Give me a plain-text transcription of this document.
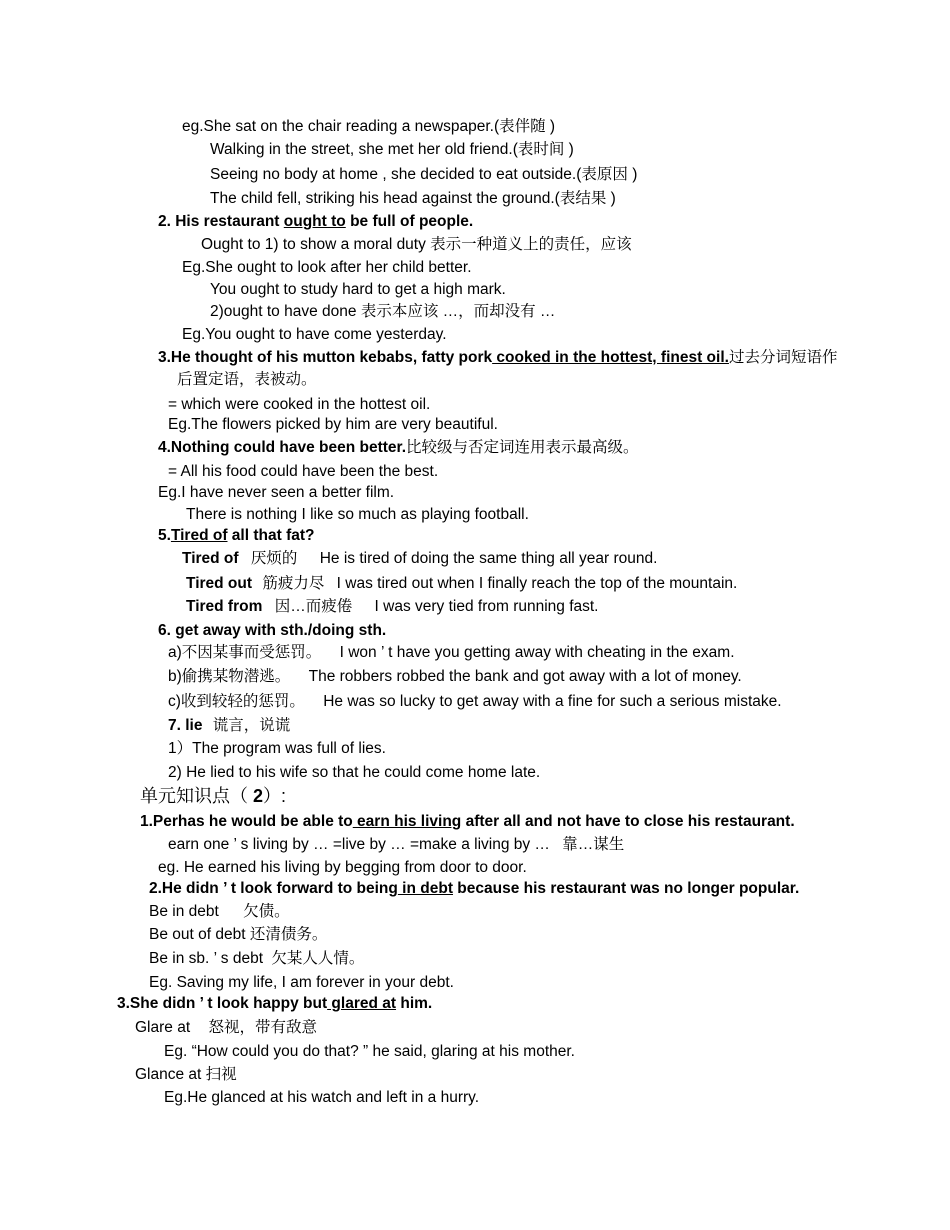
eg.She sat on the chair reading a newspaper.(表伴随 )
Walking in the street, she met her old friend.(表时间 )
Seeing no body at home , she decided to eat outside.(表原因 )
The child fell, striking his head against the ground.(表结果 )
2. His restaurant ought to be full of people.
Ought to 1) to show a moral duty 表示一种道义上的责任，应该
Eg.She ought to look after her child better.
You ought to study hard to get a high mark.
2)ought to have done 表示本应该 …，而却没有 …
Eg.You ought to have come yesterday.
3.He thought of his mutton kebabs, fatty pork cooked in the hottest, finest oil.过去分词短语作
后置定语，表被动。
= which were cooked in the hottest oil.
Eg.The flowers picked by him are very beautiful.
4.Nothing could have been better.比较级与否定词连用表示最高级。
= All his food could have been the best.
Eg.I have never seen a better film.
There is nothing I like so much as playing football.
5.Tired of all that fat?
Tired of 厌烦的 He is tired of doing the same thing all year round.
Tired out 筋疲力尽 I was tired out when I finally reach the top of the mountain.
Tired from 因…而疲倦 I was very tied from running fast.
6. get away with sth./doing sth.
a)不因某事而受惩罚。 I won ’ t have you getting away with cheating in the exam.
b)偷携某物潜逃。 The robbers robbed the bank and got away with a lot of money.
c)收到较轻的惩罚。 He was so lucky to get away with a fine for such a serious mistake.
7. lie 谎言，说谎
1）The program was full of lies.
2) He lied to his wife so that he could come home late.
单元知识点（ 2）:
1.Perhas he would be able to earn his living after all and not have to close his restaurant.
earn one ’ s living by … =live by … =make a living by … 靠…谋生
eg. He earned his living by begging from door to door.
2.He didn ’ t look forward to being in debt because his restaurant was no longer popular.
Be in debt 欠债。
Be out of debt 还清债务。
Be in sb. ’ s debt 欠某人人情。
Eg. Saving my life, I am forever in your debt.
3.She didn ’ t look happy but glared at him.
Glare at 怒视，带有敌意
Eg. “How could you do that? ” he said, glaring at his mother.
Glance at 扫视
Eg.He glanced at his watch and left in a hurry.
